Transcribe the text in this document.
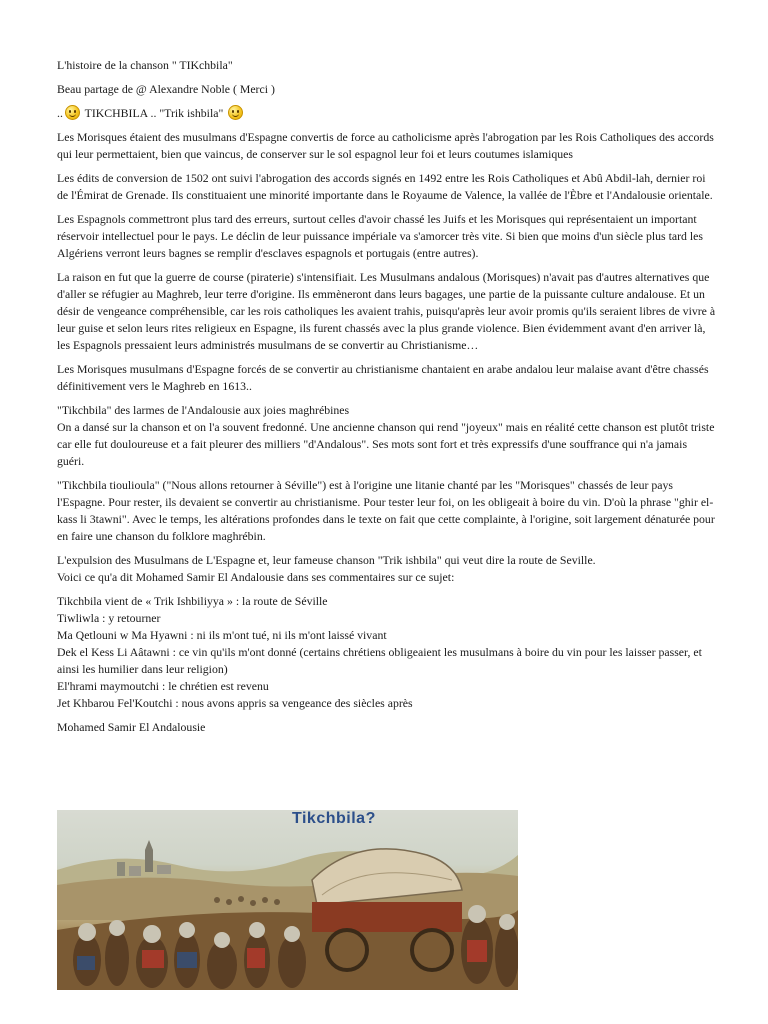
L'histoire de la chanson " TIKchbila"

Beau partage de @ Alexandre Noble ( Merci )

.. TIKCHBILA .. "Trik ishbila"

Les Morisques étaient des musulmans d'Espagne convertis de force au catholicisme après l'abrogation par les Rois Catholiques des accords qui leur permettaient, bien que vaincus, de conserver sur le sol espagnol leur foi et leurs coutumes islamiques

Les édits de conversion de 1502 ont suivi l'abrogation des accords signés en 1492 entre les Rois Catholiques et Abû Abdil-lah, dernier roi de l'Émirat de Grenade. Ils constituaient une minorité importante dans le Royaume de Valence, la vallée de l'Èbre et l'Andalousie orientale.

Les Espagnols commettront plus tard des erreurs, surtout celles d'avoir chassé les Juifs et les Morisques qui représentaient un important réservoir intellectuel pour le pays. Le déclin de leur puissance impériale va s'amorcer très vite. Si bien que moins d'un siècle plus tard les Algériens verront leurs bagnes se remplir d'esclaves espagnols et portugais (entre autres).

La raison en fut que la guerre de course (piraterie) s'intensifiait. Les Musulmans andalous (Morisques) n'avait pas d'autres alternatives que d'aller se réfugier au Maghreb, leur terre d'origine. Ils emmèneront dans leurs bagages, une partie de la puissante culture andalouse. Et un désir de vengeance compréhensible, car les rois catholiques les avaient trahis, puisqu'après leur avoir promis qu'ils seraient libres de vivre à leur guise et selon leurs rites religieux en Espagne, ils furent chassés avec la plus grande violence. Bien évidemment avant d'en arriver là, les Espagnols pressaient leurs administrés musulmans de se convertir au Christianisme…

Les Morisques musulmans d'Espagne forcés de se convertir au christianisme chantaient en arabe andalou leur malaise avant d'être chassés définitivement vers le Maghreb en 1613..

"Tikchbila" des larmes de l'Andalousie aux joies maghrébines

On a dansé sur la chanson et on l'a souvent fredonné. Une ancienne chanson qui rend "joyeux" mais en réalité cette chanson est plutôt triste car elle fut douloureuse et a fait pleurer des milliers "d'Andalous". Ses mots sont fort et très expressifs d'une souffrance qui n'a jamais guéri.

"Tikchbila tioulioula" ("Nous allons retourner à Séville") est à l'origine une litanie chanté par les "Morisques" chassés de leur pays l'Espagne. Pour rester, ils devaient se convertir au christianisme. Pour tester leur foi, on les obligeait à boire du vin. D'où la phrase "ghir el-kass li 3tawni". Avec le temps, les altérations profondes dans le texte on fait que cette complainte, à l'origine, soit largement dénaturée pour en faire une chanson du folklore maghrébin.

L'expulsion des Musulmans de L'Espagne et, leur fameuse chanson "Trik ishbila" qui veut dire la route de Seville.

Voici ce qu'a dit Mohamed Samir El Andalousie dans ses commentaires sur ce sujet:

Tikchbila vient de « Trik Ishbiliyya » : la route de Séville
Tiwliwla : y retourner
Ma Qetlouni w Ma Hyawni : ni ils m'ont tué, ni ils m'ont laissé vivant
Dek el Kess Li Aâtawni : ce vin qu'ils m'ont donné (certains chrétiens obligeaient les musulmans à boire du vin pour les laisser passer, et ainsi les humilier dans leur religion)
El'hrami maymoutchi : le chrétien est revenu
Jet Khbarou Fel'Koutchi : nous avons appris sa vengeance des siècles après

Mohamed Samir El Andalousie

Tikchbila?
